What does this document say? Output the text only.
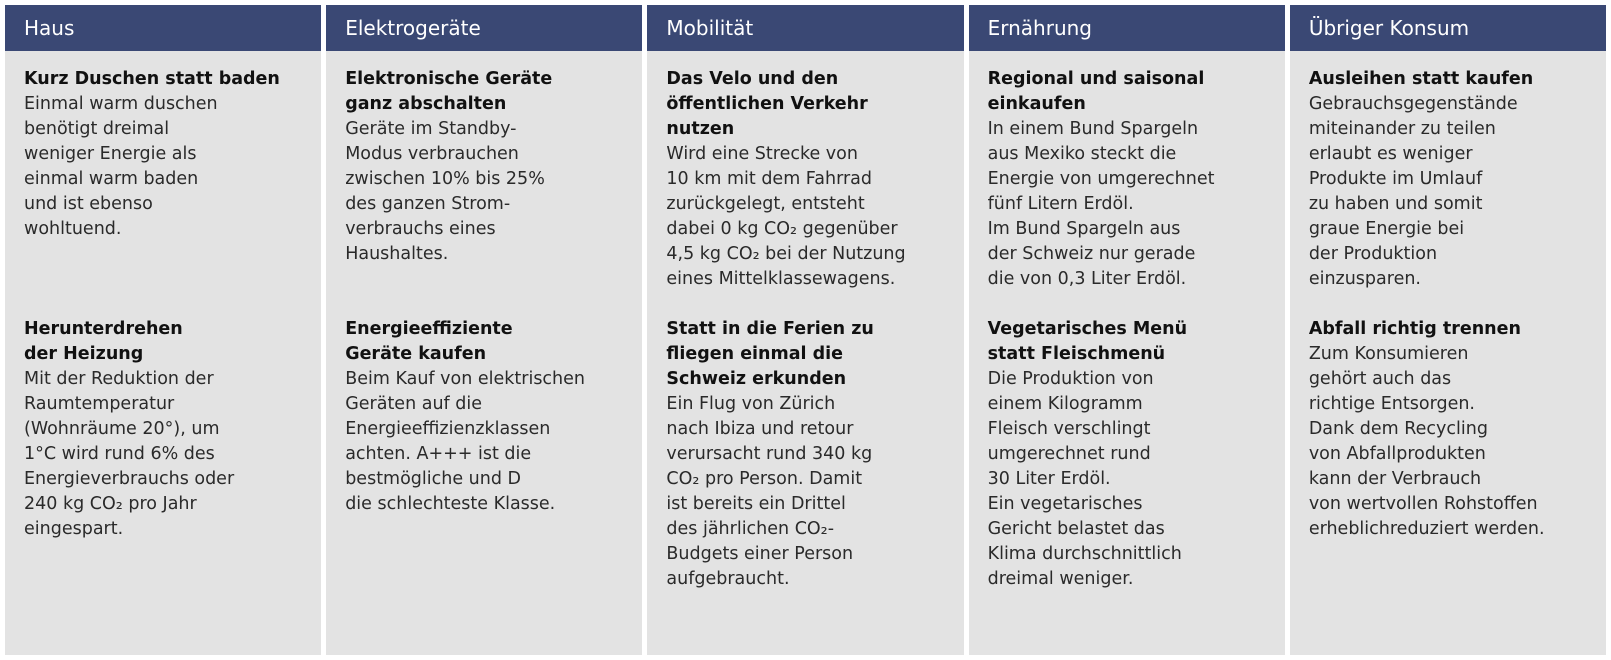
Haus
Kurz Duschen statt baden
Einmal warm duschen
benötigt dreimal
weniger Energie als
einmal warm baden
und ist ebenso
wohltuend.
Herunterdrehen
der Heizung
Mit der Reduktion der
Raumtemperatur
(Wohnräume 20°), um
1°C wird rund 6% des
Energieverbrauchs oder
240 kg CO₂ pro Jahr
eingespart.
Elektrogeräte
Elektronische Geräte
ganz abschalten
Geräte im Standby-
Modus verbrauchen
zwischen 10% bis 25%
des ganzen Strom-
verbrauchs eines
Haushaltes.
Energieeffiziente
Geräte kaufen
Beim Kauf von elektrischen
Geräten auf die
Energieeffizienzklassen
achten. A+++ ist die
bestmögliche und D
die schlechteste Klasse.
Mobilität
Das Velo und den
öffentlichen Verkehr
nutzen
Wird eine Strecke von
10 km mit dem Fahrrad
zurückgelegt, entsteht
dabei 0 kg CO₂ gegenüber
4,5 kg CO₂ bei der Nutzung
eines Mittelklassewagens.
Statt in die Ferien zu
fliegen einmal die
Schweiz erkunden
Ein Flug von Zürich
nach Ibiza und retour
verursacht rund 340 kg
CO₂ pro Person. Damit
ist bereits ein Drittel
des jährlichen CO₂-
Budgets einer Person
aufgebraucht.
Ernährung
Regional und saisonal
einkaufen
In einem Bund Spargeln
aus Mexiko steckt die
Energie von umgerechnet
fünf Litern Erdöl.
Im Bund Spargeln aus
der Schweiz nur gerade
die von 0,3 Liter Erdöl.
Vegetarisches Menü
statt Fleischmenü
Die Produktion von
einem Kilogramm
Fleisch verschlingt
umgerechnet rund
30 Liter Erdöl.
Ein vegetarisches
Gericht belastet das
Klima durchschnittlich
dreimal weniger.
Übriger Konsum
Ausleihen statt kaufen
Gebrauchsgegenstände
miteinander zu teilen
erlaubt es weniger
Produkte im Umlauf
zu haben und somit
graue Energie bei
der Produktion
einzusparen.
Abfall richtig trennen
Zum Konsumieren
gehört auch das
richtige Entsorgen.
Dank dem Recycling
von Abfallprodukten
kann der Verbrauch
von wertvollen Rohstoffen
erheblichreduziert werden.
